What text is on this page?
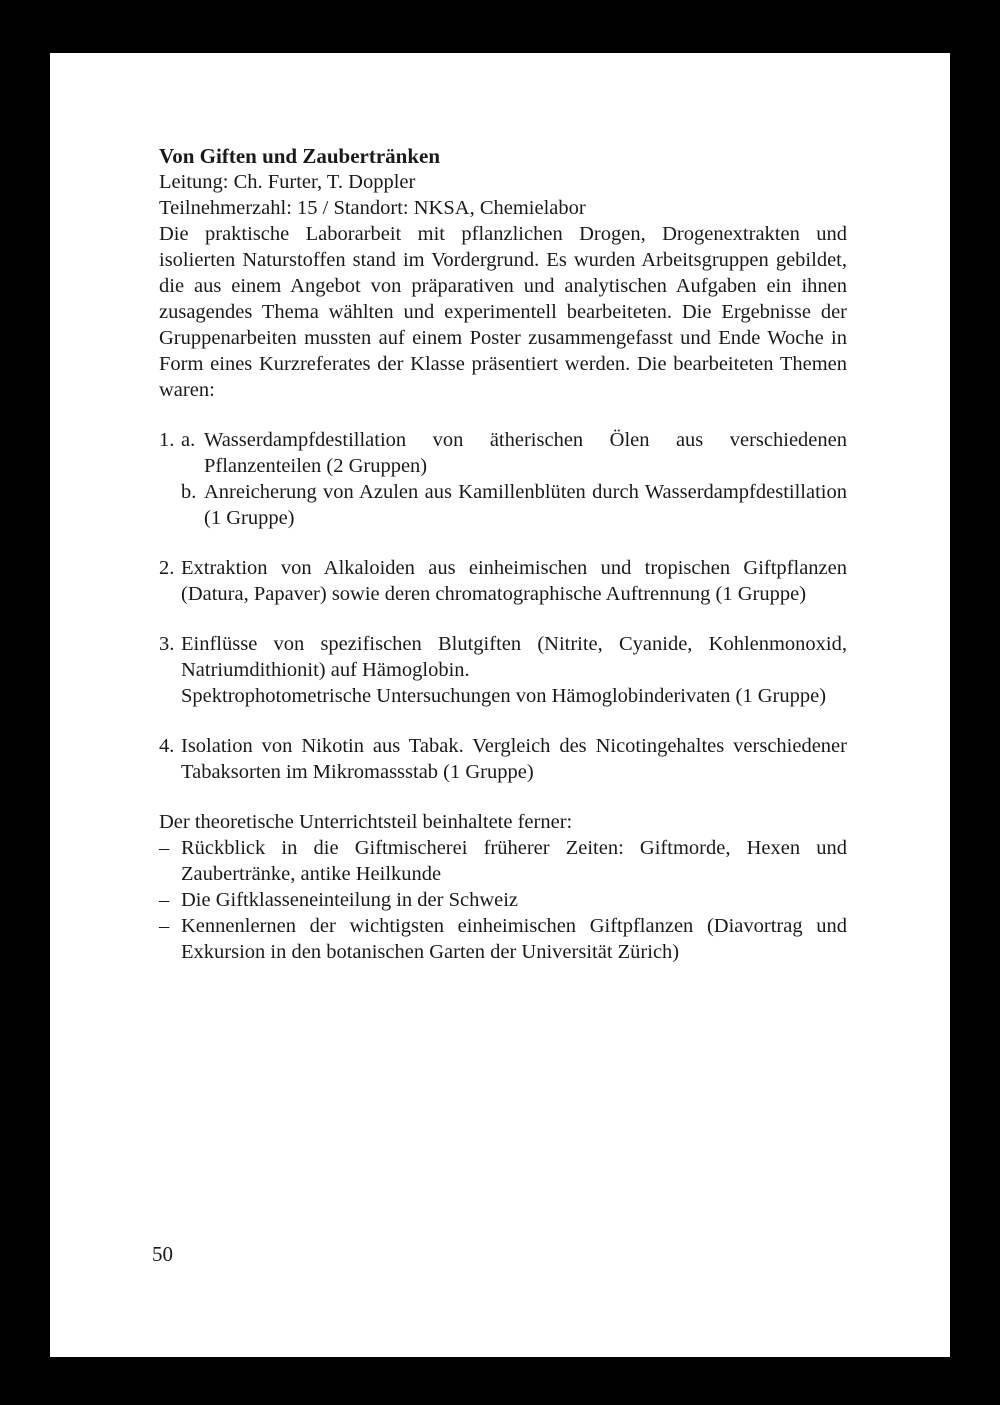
Von Giften und Zaubertränken

Leitung: Ch. Furter, T. Doppler

Teilnehmerzahl: 15 / Standort: NKSA, Chemielabor

Die praktische Laborarbeit mit pflanzlichen Drogen, Drogenextrakten und isolierten Naturstoffen stand im Vordergrund. Es wurden Arbeitsgruppen gebildet, die aus einem Angebot von präparativen und analytischen Aufgaben ein ihnen zusagendes Thema wählten und experimentell bearbeiteten. Die Ergebnisse der Gruppenarbeiten mussten auf einem Poster zusammengefasst und Ende Woche in Form eines Kurzreferates der Klasse präsentiert werden. Die bearbeiteten Themen waren:

1. a. Wasserdampfdestillation von ätherischen Ölen aus verschiedenen Pflanzenteilen (2 Gruppen)
b. Anreicherung von Azulen aus Kamillenblüten durch Wasserdampfdestillation (1 Gruppe)
2. Extraktion von Alkaloiden aus einheimischen und tropischen Giftpflanzen (Datura, Papaver) sowie deren chromatographische Auftrennung (1 Gruppe)
3. Einflüsse von spezifischen Blutgiften (Nitrite, Cyanide, Kohlenmonoxid, Natriumdithionit) auf Hämoglobin.
Spektrophotometrische Untersuchungen von Hämoglobinderivaten (1 Gruppe)
4. Isolation von Nikotin aus Tabak. Vergleich des Nicotingehaltes verschiedener Tabaksorten im Mikromassstab (1 Gruppe)

Der theoretische Unterrichtsteil beinhaltete ferner:

– Rückblick in die Giftmischerei früherer Zeiten: Giftmorde, Hexen und Zaubertränke, antike Heilkunde
– Die Giftklasseneinteilung in der Schweiz
– Kennenlernen der wichtigsten einheimischen Giftpflanzen (Diavortrag und Exkursion in den botanischen Garten der Universität Zürich)
50
